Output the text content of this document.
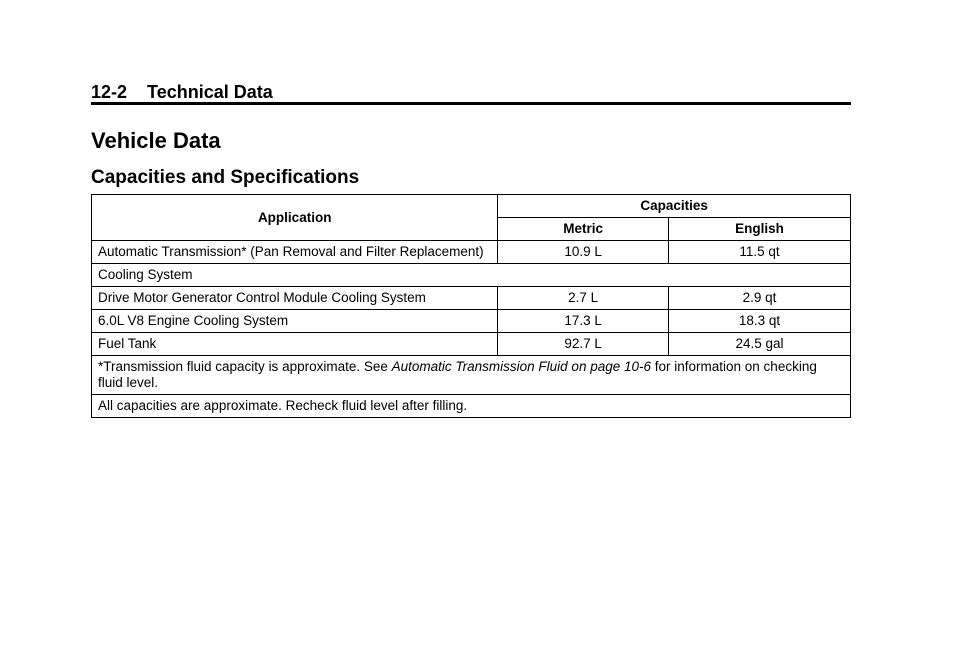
12-2 Technical Data
Vehicle Data
Capacities and Specifications
Application	Capacities	
	Metric	English
Automatic Transmission* (Pan Removal and Filter Replacement)	10.9 L	11.5 qt
Cooling System		
Drive Motor Generator Control Module Cooling System	2.7 L	2.9 qt
6.0L V8 Engine Cooling System	17.3 L	18.3 qt
Fuel Tank	92.7 L	24.5 gal
*Transmission fluid capacity is approximate. See Automatic Transmission Fluid on page 10-6 for information on checking fluid level.		
All capacities are approximate. Recheck fluid level after filling.		
